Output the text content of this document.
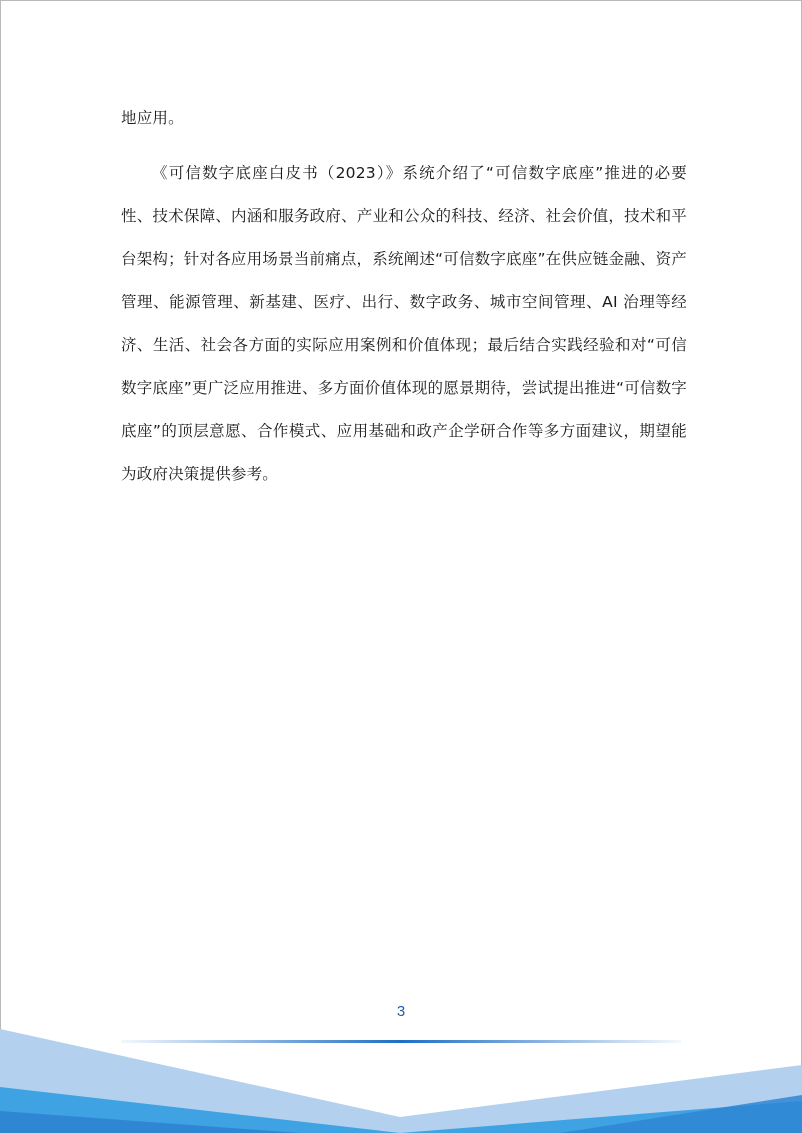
地应用。

《可信数字底座白皮书（2023）》系统介绍了“可信数字底座”推进的必要性、技术保障、内涵和服务政府、产业和公众的科技、经济、社会价值，技术和平台架构；针对各应用场景当前痛点，系统阐述“可信数字底座”在供应链金融、资产管理、能源管理、新基建、医疗、出行、数字政务、城市空间管理、AI 治理等经济、生活、社会各方面的实际应用案例和价值体现；最后结合实践经验和对“可信数字底座”更广泛应用推进、多方面价值体现的愿景期待，尝试提出推进“可信数字底座”的顶层意愿、合作模式、应用基础和政产企学研合作等多方面建议，期望能为政府决策提供参考。

3
